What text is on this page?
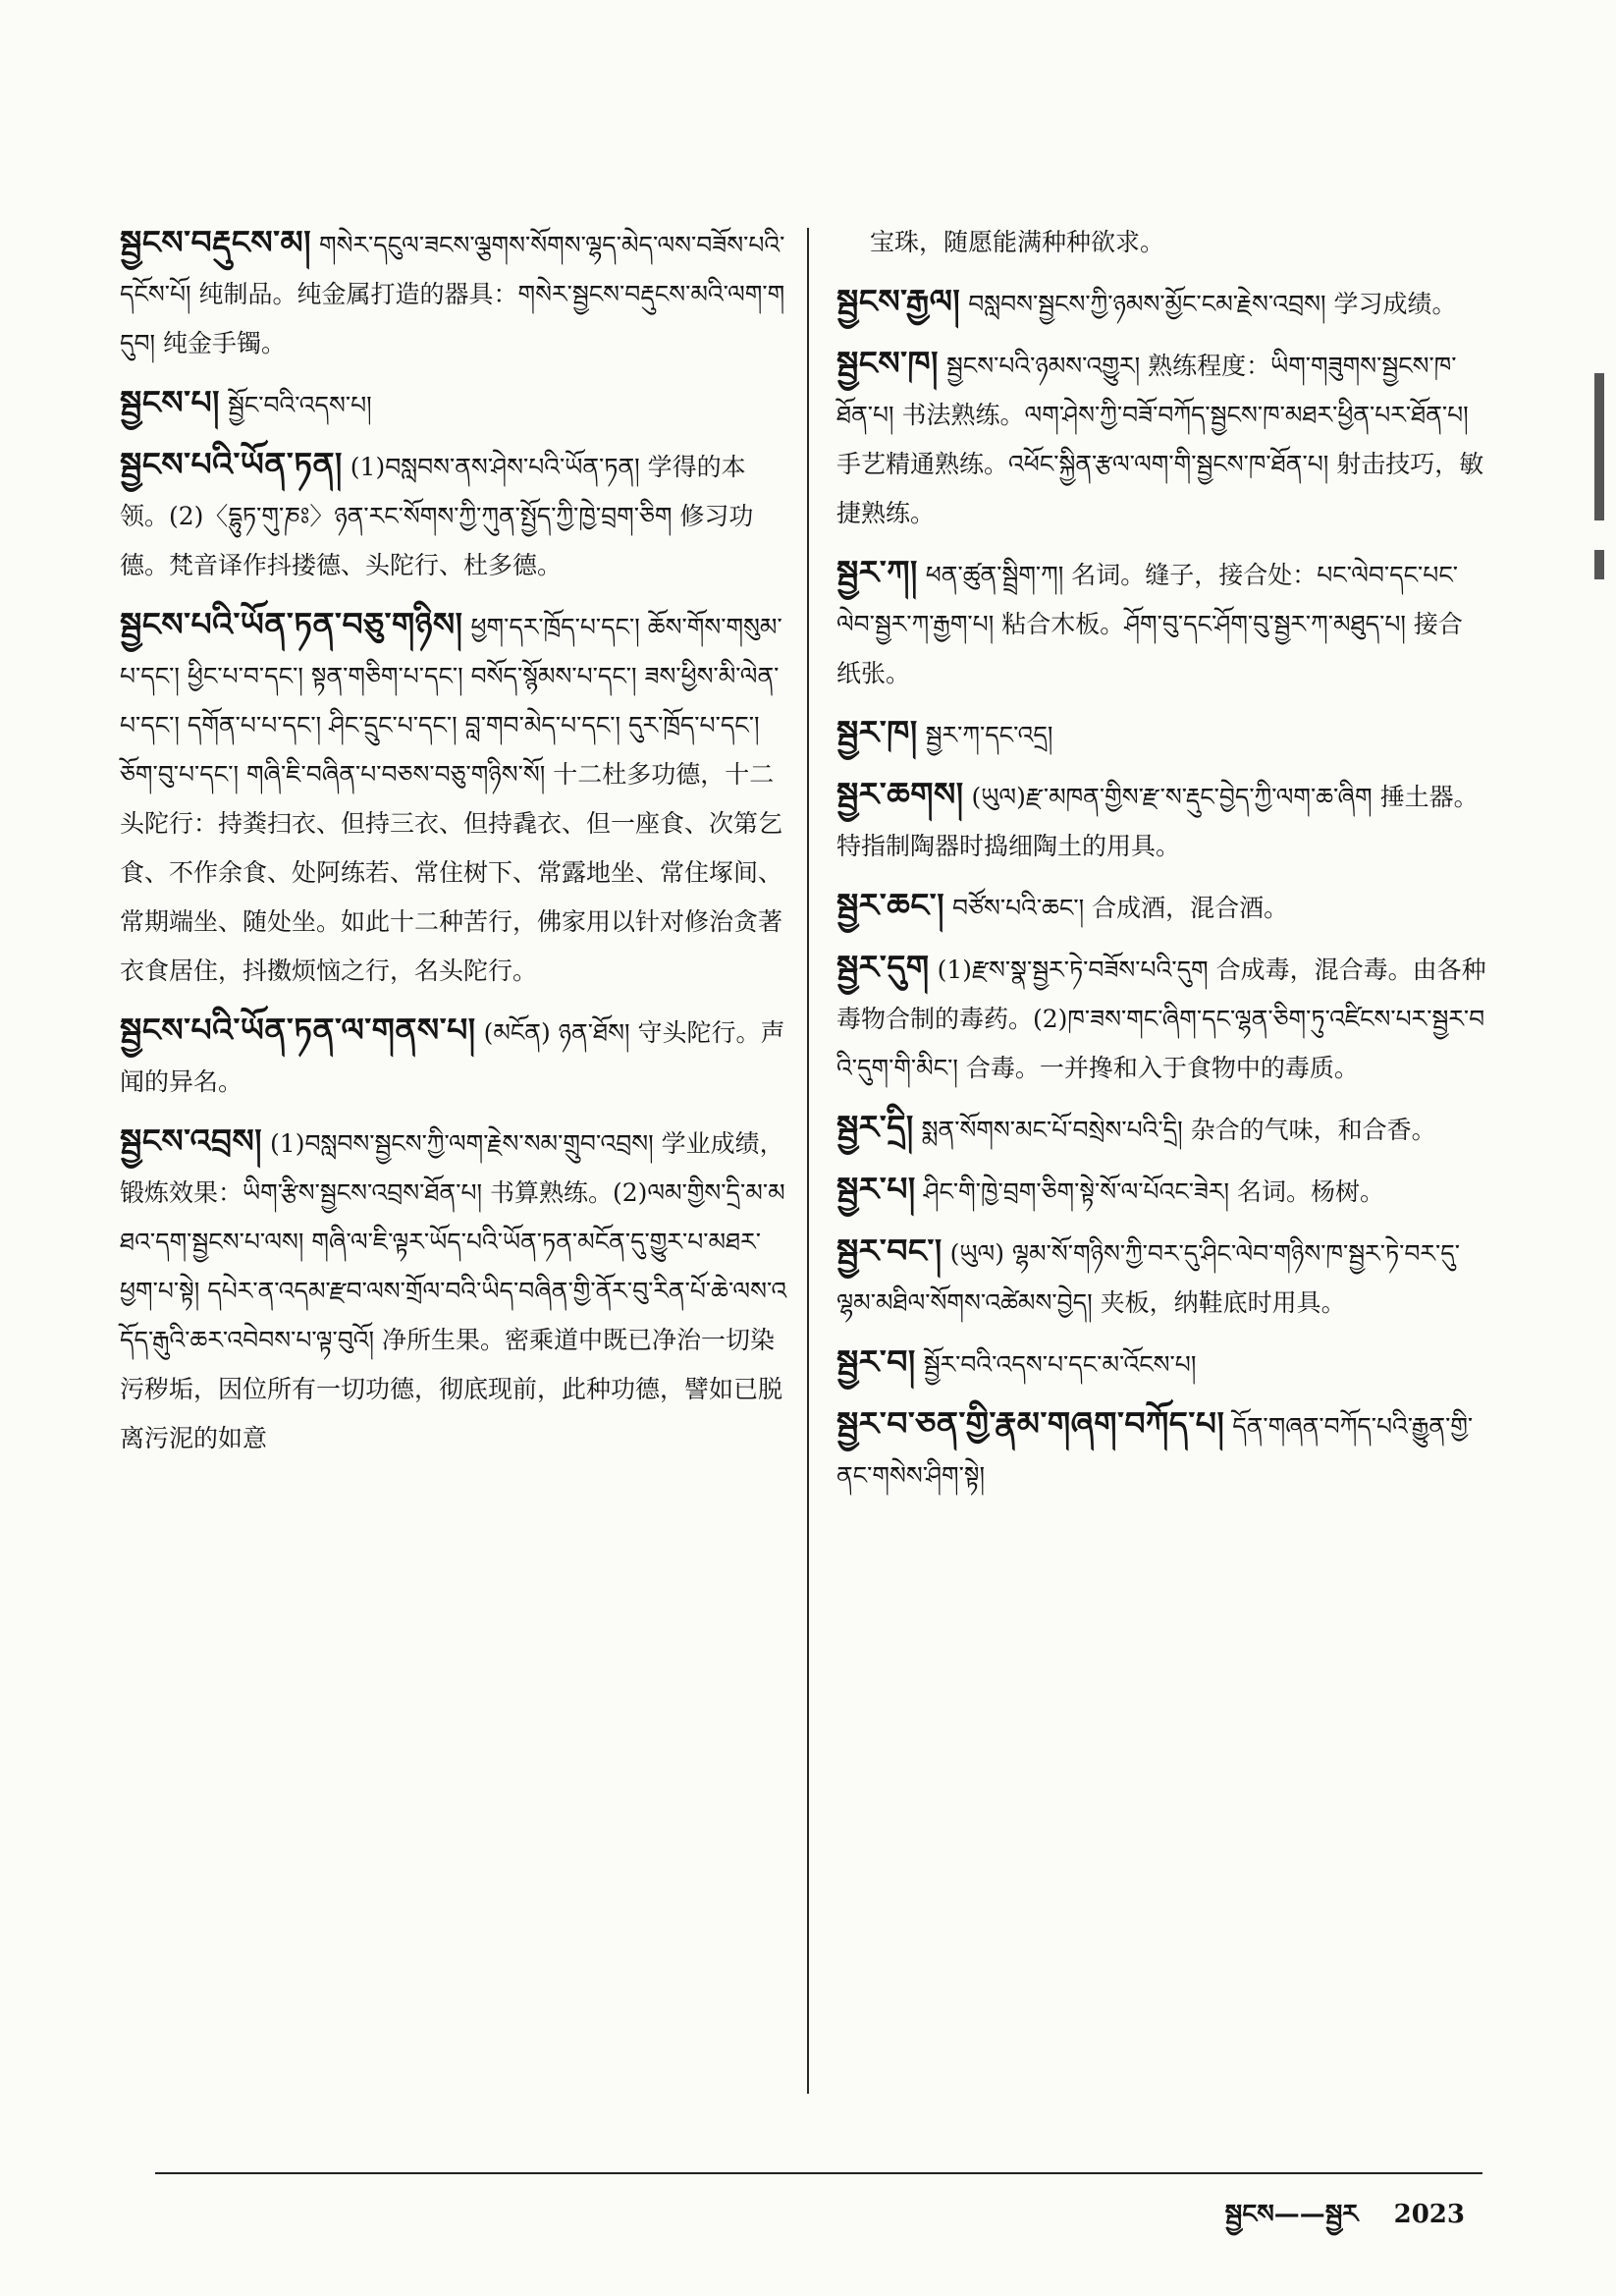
སྦྱངས་བརྡུངས་མ། གསེར་དངུལ་ཟངས་ལྕགས་སོགས་ལྷད་མེད་ལས་བཟོས་པའི་དངོས་པོ། 纯制品。纯金属打造的器具：གསེར་སྦྱངས་བརྡུངས་མའི་ལག་གདུབ། 纯金手镯。
སྦྱངས་པ། སྦྱོང་བའི་འདས་པ།
སྦྱངས་པའི་ཡོན་ཏན། (1)བསླབས་ནས་ཤེས་པའི་ཡོན་ཏན། 学得的本领。(2)〈དྷུཏ་གུ་ཎཿ〉ཉན་རང་སོགས་ཀྱི་ཀུན་སྤྱོད་ཀྱི་ཁྱེ་བྲག་ཅིག 修习功德。梵音译作抖搂德、头陀行、杜多德。
སྦྱངས་པའི་ཡོན་ཏན་བཅུ་གཉིས། ཕྱག་དར་ཁྲོད་པ་དང་། ཆོས་གོས་གསུམ་པ་དང་། ཕྱིང་པ་བ་དང་། སྟན་གཅིག་པ་དང་། བསོད་སྙོམས་པ་དང་། ཟས་ཕྱིས་མི་ལེན་པ་དང་། དགོན་པ་པ་དང་། ཤིང་དྲུང་པ་དང་། བླ་གབ་མེད་པ་དང་། དུར་ཁྲོད་པ་དང་། ཅོག་བུ་པ་དང་། གཞི་ཇི་བཞིན་པ་བཅས་བཅུ་གཉིས་སོ། 十二杜多功德，十二头陀行：持粪扫衣、但持三衣、但持毳衣、但一座食、次第乞食、不作余食、处阿练若、常住树下、常露地坐、常住塚间、常期端坐、随处坐。如此十二种苦行，佛家用以针对修治贪著衣食居住，抖擞烦恼之行，名头陀行。
སྦྱངས་པའི་ཡོན་ཏན་ལ་གནས་པ། (མངོན) ཉན་ཐོས། 守头陀行。声闻的异名。
སྦྱངས་འབྲས། (1)བསླབས་སྦྱངས་ཀྱི་ལག་རྗེས་སམ་གྲུབ་འབྲས། 学业成绩，锻炼效果：ཡིག་རྩིས་སྦྱངས་འབྲས་ཐོན་པ། 书算熟练。(2)ལམ་གྱིས་དྲི་མ་མཐའ་དག་སྦྱངས་པ་ལས། གཞི་ལ་ཇི་ལྟར་ཡོད་པའི་ཡོན་ཏན་མངོན་དུ་གྱུར་པ་མཐར་ཕྱག་པ་སྟེ། དཔེར་ན་འདམ་རྫབ་ལས་གྲོལ་བའི་ཡིད་བཞིན་གྱི་ནོར་བུ་རིན་པོ་ཆེ་ལས་འདོད་རྒུའི་ཆར་འབེབས་པ་ལྟ་བུའོ། 净所生果。密乘道中既已净治一切染污秽垢，因位所有一切功德，彻底现前，此种功德，譬如已脱离污泥的如意
宝珠，随愿能满种种欲求。
སྦྱངས་རྒྱལ། བསླབས་སྦྱངས་ཀྱི་ཉམས་མྱོང་ངམ་རྗེས་འབྲས། 学习成绩。
སྦྱངས་ཁ། སྦྱངས་པའི་ཉམས་འགྱུར། 熟练程度：ཡིག་གཟུགས་སྦྱངས་ཁ་ཐོན་པ། 书法熟练。ལག་ཤེས་ཀྱི་བཟོ་བཀོད་སྦྱངས་ཁ་མཐར་ཕྱིན་པར་ཐོན་པ། 手艺精通熟练。འཕོང་སྐྱིན་རྩལ་ལག་གི་སྦྱངས་ཁ་ཐོན་པ། 射击技巧，敏捷熟练。
སྦྱར་ཀ། ཕན་ཚུན་སྦྲིག་ཀ། 名词。缝子，接合处：པང་ལེབ་དང་པང་ལེབ་སྦྱར་ཀ་རྒྱག་པ། 粘合木板。ཤོག་བུ་དང་ཤོག་བུ་སྦྱར་ཀ་མཐུད་པ། 接合纸张。
སྦྱར་ཁ། སྦྱར་ཀ་དང་འདྲ།
སྦྱར་ཆགས། (ཡུལ)རྫ་མཁན་གྱིས་རྫ་ས་རྡུང་བྱེད་ཀྱི་ལག་ཆ་ཞིག 捶土器。特指制陶器时捣细陶土的用具。
སྦྱར་ཆང་། བཙོས་པའི་ཆང་། 合成酒，混合酒。
སྦྱར་དུག (1)རྫས་སྣ་སྦྱར་ཏེ་བཟོས་པའི་དུག 合成毒，混合毒。由各种毒物合制的毒药。(2)ཁ་ཟས་གང་ཞིག་དང་ལྷན་ཅིག་ཏུ་འཛིངས་པར་སྦྱར་བའི་དུག་གི་མིང་། 合毒。一并搀和入于食物中的毒质。
སྦྱར་དྲི། སྨན་སོགས་མང་པོ་བསྲེས་པའི་དྲི། 杂合的气味，和合香。
སྦྱར་པ། ཤིང་གི་ཁྱེ་བྲག་ཅིག་སྟེ་སོ་ལ་པོའང་ཟེར། 名词。杨树。
སྦྱར་བང་། (ཡུལ) ལྷམ་སོ་གཉིས་ཀྱི་བར་དུ་ཤིང་ལེབ་གཉིས་ཁ་སྦྱར་ཏེ་བར་དུ་ལྷམ་མཐིལ་སོགས་འཚེམས་བྱེད། 夹板，纳鞋底时用具。
སྦྱར་བ། སྦྱོར་བའི་འདས་པ་དང་མ་འོངས་པ།
སྦྱར་བ་ཅན་གྱི་རྣམ་གཞག་བཀོད་པ། དོན་གཞན་བཀོད་པའི་རྒྱུན་གྱི་ནང་གསེས་ཤིག་སྟེ།
སྦྱངས——སྦྱར 2023
